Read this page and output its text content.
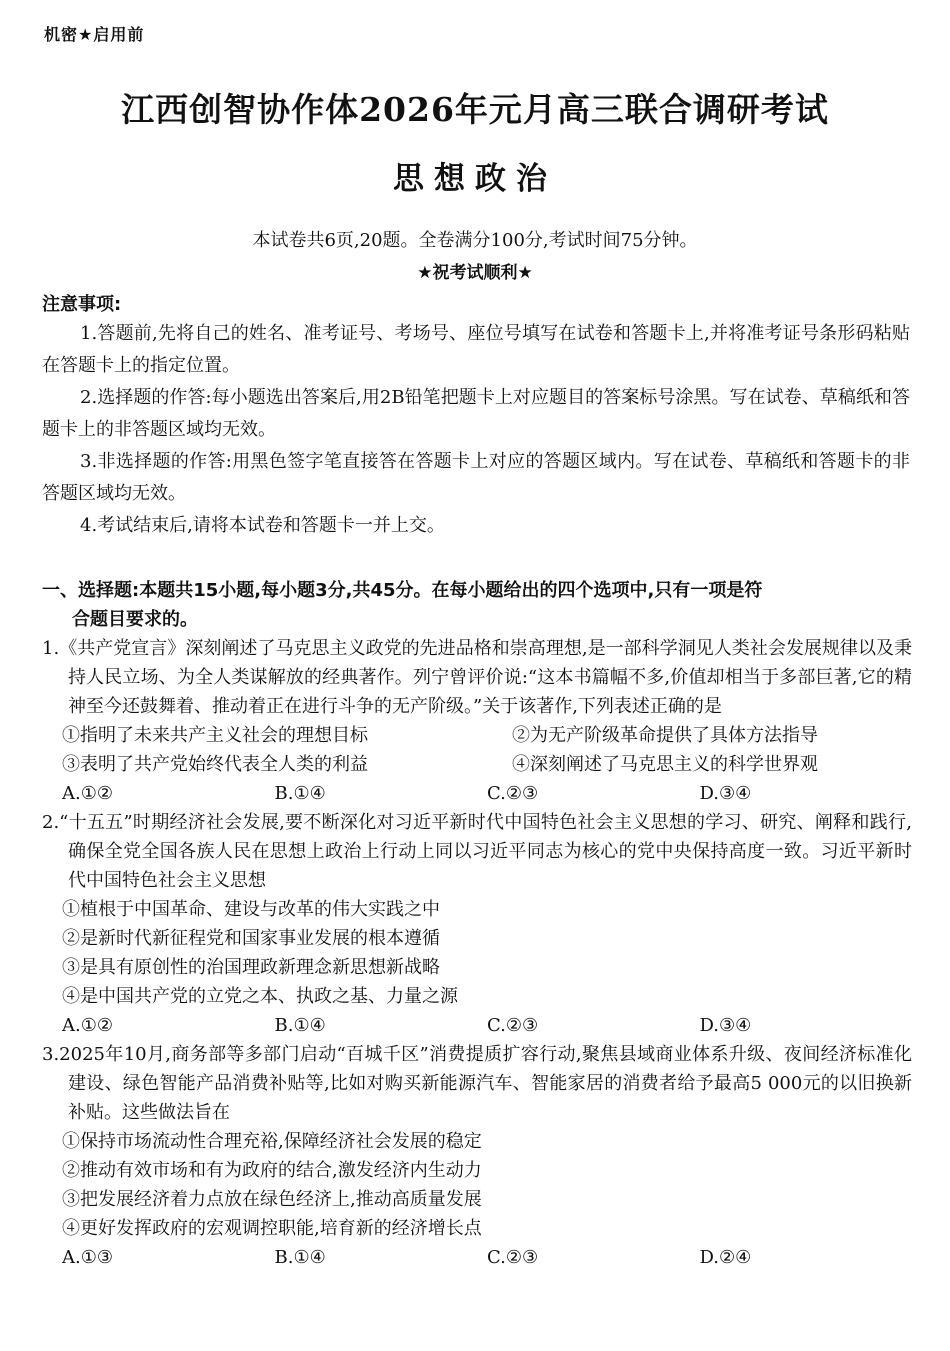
机密★启用前
江西创智协作体2026年元月高三联合调研考试
思想政治
本试卷共6页,20题。全卷满分100分,考试时间75分钟。
★祝考试顺利★
注意事项:

1.答题前,先将自己的姓名、准考证号、考场号、座位号填写在试卷和答题卡上,并将准考证号条形码粘贴在答题卡上的指定位置。

2.选择题的作答:每小题选出答案后,用2B铅笔把题卡上对应题目的答案标号涂黑。写在试卷、草稿纸和答题卡上的非答题区域均无效。

3.非选择题的作答:用黑色签字笔直接答在答题卡上对应的答题区域内。写在试卷、草稿纸和答题卡的非答题区域均无效。

4.考试结束后,请将本试卷和答题卡一并上交。

一、选择题:本题共15小题,每小题3分,共45分。在每小题给出的四个选项中,只有一项是符
合题目要求的。

1.《共产党宣言》深刻阐述了马克思主义政党的先进品格和崇高理想,是一部科学洞见人类社会发展规律以及秉持人民立场、为全人类谋解放的经典著作。列宁曾评价说:“这本书篇幅不多,价值却相当于多部巨著,它的精神至今还鼓舞着、推动着正在进行斗争的无产阶级。”关于该著作,下列表述正确的是

①指明了未来共产主义社会的理想目标	②为无产阶级革命提供了具体方法指导
③表明了共产党始终代表全人类的利益	④深刻阐述了马克思主义的科学世界观
A.①②	B.①④	C.②③	D.③④

2.“十五五”时期经济社会发展,要不断深化对习近平新时代中国特色社会主义思想的学习、研究、阐释和践行,确保全党全国各族人民在思想上政治上行动上同以习近平同志为核心的党中央保持高度一致。习近平新时代中国特色社会主义思想

①植根于中国革命、建设与改革的伟大实践之中

②是新时代新征程党和国家事业发展的根本遵循

③是具有原创性的治国理政新理念新思想新战略

④是中国共产党的立党之本、执政之基、力量之源

A.①②	B.①④	C.②③	D.③④

3.2025年10月,商务部等多部门启动“百城千区”消费提质扩容行动,聚焦县域商业体系升级、夜间经济标准化建设、绿色智能产品消费补贴等,比如对购买新能源汽车、智能家居的消费者给予最高5 000元的以旧换新补贴。这些做法旨在

①保持市场流动性合理充裕,保障经济社会发展的稳定

②推动有效市场和有为政府的结合,激发经济内生动力

③把发展经济着力点放在绿色经济上,推动高质量发展

④更好发挥政府的宏观调控职能,培育新的经济增长点

A.①③	B.①④	C.②③	D.②④
